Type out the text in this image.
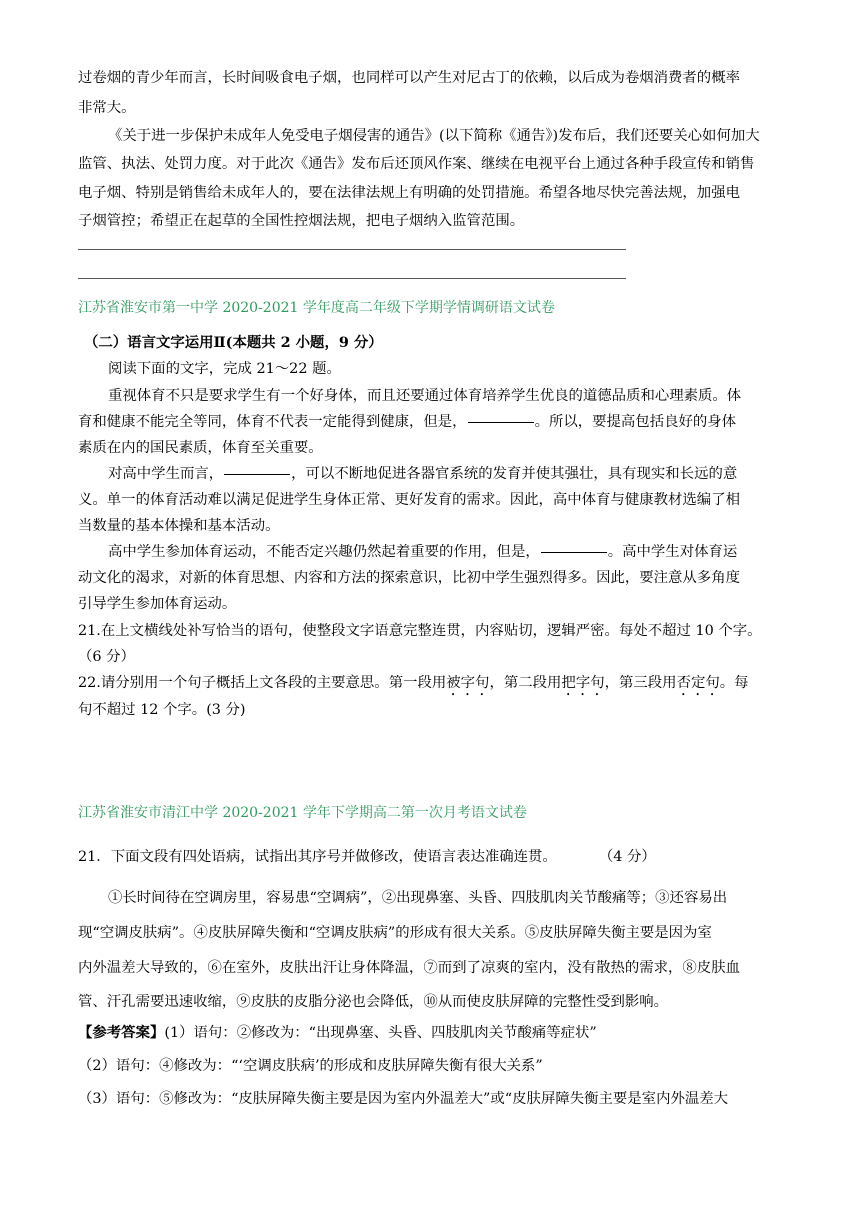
过卷烟的青少年而言，长时间吸食电子烟，也同样可以产生对尼古丁的依赖，以后成为卷烟消费者的概率
非常大。
《关于进一步保护未成年人免受电子烟侵害的通告》(以下简称《通告》)发布后，我们还要关心如何加大
监管、执法、处罚力度。对于此次《通告》发布后还顶风作案、继续在电视平台上通过各种手段宣传和销售
电子烟、特别是销售给未成年人的，要在法律法规上有明确的处罚措施。希望各地尽快完善法规，加强电
子烟管控；希望正在起草的全国性控烟法规，把电子烟纳入监管范围。
江苏省淮安市第一中学 2020-2021 学年度高二年级下学期学情调研语文试卷
（二）语言文字运用Ⅱ(本题共 2 小题，9 分）
阅读下面的文字，完成 21～22 题。
重视体育不只是要求学生有一个好身体，而且还要通过体育培养学生优良的道德品质和心理素质。体
育和健康不能完全等同，体育不代表一定能得到健康，但是，	。所以，要提高包括良好的身体
素质在内的国民素质，体育至关重要。
对高中学生而言，	，可以不断地促进各器官系统的发育并使其强壮，具有现实和长远的意
义。单一的体育活动难以满足促进学生身体正常、更好发育的需求。因此，高中体育与健康教材选编了相
当数量的基本体操和基本活动。
高中学生参加体育运动，不能否定兴趣仍然起着重要的作用，但是，	。高中学生对体育运
动文化的渴求，对新的体育思想、内容和方法的探索意识，比初中学生强烈得多。因此，要注意从多角度
引导学生参加体育运动。
21.在上文横线处补写恰当的语句，使整段文字语意完整连贯，内容贴切，逻辑严密。每处不超过 10 个字。
（6 分）
22.请分别用一个句子概括上文各段的主要意思。第一段用被字句，第二段用把字句，第三段用否定句。每
句不超过 12 个字。(3 分)
江苏省淮安市清江中学 2020-2021 学年下学期高二第一次月考语文试卷
21．下面文段有四处语病，试指出其序号并做修改，使语言表达准确连贯。	（4 分）
①长时间待在空调房里，容易患“空调病”，②出现鼻塞、头昏、四肢肌肉关节酸痛等；③还容易出
现“空调皮肤病”。④皮肤屏障失衡和“空调皮肤病”的形成有很大关系。⑤皮肤屏障失衡主要是因为室
内外温差大导致的，⑥在室外，皮肤出汗让身体降温，⑦而到了凉爽的室内，没有散热的需求，⑧皮肤血
管、汗孔需要迅速收缩，⑨皮肤的皮脂分泌也会降低，⑩从而使皮肤屏障的完整性受到影响。
【参考答案】(1）语句：②修改为：“出现鼻塞、头昏、四肢肌肉关节酸痛等症状”
（2）语句：④修改为：“‘空调皮肤病’的形成和皮肤屏障失衡有很大关系”
（3）语句：⑤修改为：“皮肤屏障失衡主要是因为室内外温差大”或“皮肤屏障失衡主要是室内外温差大
